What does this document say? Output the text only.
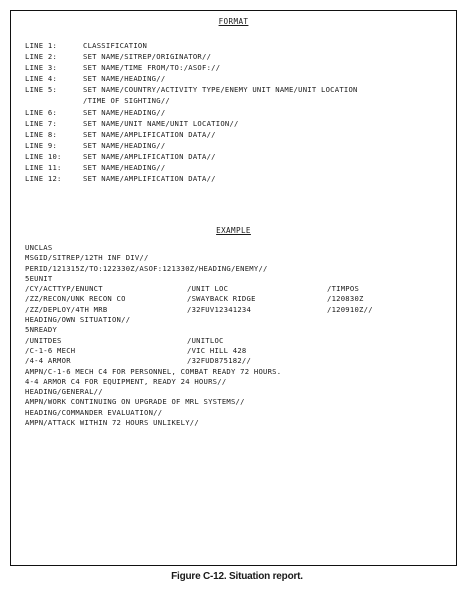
FORMAT
LINE 1:	CLASSIFICATION
LINE 2:	SET NAME/SITREP/ORIGINATOR//
LINE 3:	SET NAME/TIME FROM/TO:/ASOF://
LINE 4:	SET NAME/HEADING//
LINE 5:	SET NAME/COUNTRY/ACTIVITY TYPE/ENEMY UNIT NAME/UNIT LOCATION
/TIME OF SIGHTING//
LINE 6:	SET NAME/HEADING//
LINE 7:	SET NAME/UNIT NAME/UNIT LOCATION//
LINE 8:	SET NAME/AMPLIFICATION DATA//
LINE 9:	SET NAME/HEADING//
LINE 10:	SET NAME/AMPLIFICATION DATA//
LINE 11:	SET NAME/HEADING//
LINE 12:	SET NAME/AMPLIFICATION DATA//
EXAMPLE
UNCLAS
MSGID/SITREP/12TH INF DIV//
PERID/121315Z/TO:122330Z/ASOF:121330Z/HEADING/ENEMY//
5EUNIT
/CY/ACTTYP/ENUNCT	/UNIT LOC	/TIMPOS
/ZZ/RECON/UNK RECON CO	/SWAYBACK RIDGE	/120830Z
/ZZ/DEPLOY/4TH MRB	/32FUV12341234	/120910Z//
HEADING/OWN SITUATION//
5NREADY
/UNITDES	/UNITLOC
/C-1-6 MECH	/VIC HILL 428
/4-4 ARMOR	/32FUD875182//
AMPN/C-1-6 MECH C4 FOR PERSONNEL, COMBAT READY 72 HOURS.
4-4 ARMOR C4 FOR EQUIPMENT, READY 24 HOURS//
HEADING/GENERAL//
AMPN/WORK CONTINUING ON UPGRADE OF MRL SYSTEMS//
HEADING/COMMANDER EVALUATION//
AMPN/ATTACK WITHIN 72 HOURS UNLIKELY//
Figure C-12. Situation report.
